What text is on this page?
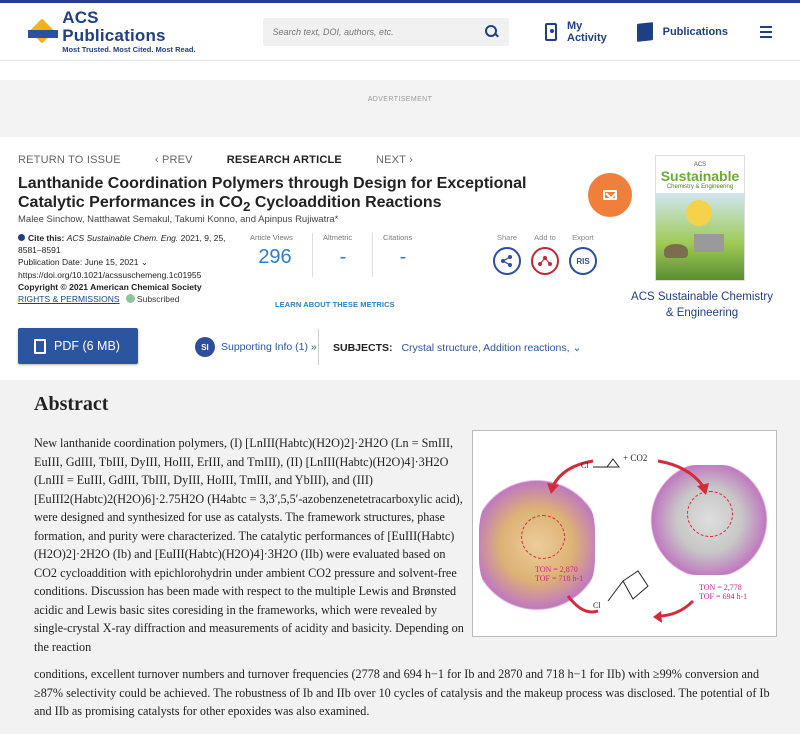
ACS Publications
Most Trusted. Most Cited. Most Read.
Search text, DOI, authors, etc.
My Activity	Publications
ADVERTISEMENT
RETURN TO ISSUE	‹ PREV	RESEARCH ARTICLE	NEXT ›
Lanthanide Coordination Polymers through Design for Exceptional
Catalytic Performances in $CO_2$ Cycloaddition Reactions
Malee Sinchow, Natthawat Semakul, Takumi Konno, and Apinpus Rujiwatra*
Cite this: ACS Sustainable Chem. Eng. 2021, 9, 25, 8581–8591
Publication Date: June 15, 2021 ⌄
https://doi.org/10.1021/acssuschemeng.1c01955
Copyright © 2021 American Chemical Society
RIGHTS & PERMISSIONS Subscribed
Article Views
296
Altmetric
-
Citations
-
LEARN ABOUT THESE METRICS
Share	Add to	Export
RIS
ACS
Sustainable
Chemistry & Engineering
ACS Sustainable Chemistry
& Engineering
PDF (6 MB)	SI	Supporting Info (1) » SUBJECTS: Crystal structure, Addition reactions, ⌄
Abstract
New lanthanide coordination polymers, (I) [LnIII(Habtc)(H2O)2]·2H2O (Ln = SmIII, EuIII, GdIII, TbIII, DyIII, HoIII, ErIII, and TmIII), (II) [LnIII(Habtc)(H2O)4]·3H2O (LnIII = EuIII, GdIII, TbIII, DyIII, HoIII, TmIII, and YbIII), and (III) [EuIII2(Habtc)2(H2O)6]·2.75H2O (H4abtc = 3,3′,5,5′-azobenzenetetracarboxylic acid), were designed and synthesized for use as catalysts. The framework structures, phase formation, and purity were characterized. The catalytic performances of [EuIII(Habtc)(H2O)2]·2H2O (Ib) and [EuIII(Habtc)(H2O)4]·3H2O (IIb) were evaluated based on CO2 cycloaddition with epichlorohydrin under ambient CO2 pressure and solvent-free conditions. Discussion has been made with respect to the multiple Lewis and Brønsted acidic and Lewis basic sites coresiding in the frameworks, which were revealed by single-crystal X-ray diffraction and measurements of acidity and basicity. Depending on the reaction
conditions, excellent turnover numbers and turnover frequencies (2778 and 694 h−1 for Ib and 2870 and 718 h−1 for IIb) with ≥99% conversion and ≥87% selectivity could be achieved. The robustness of Ib and IIb over 10 cycles of catalysis and the makeup process was disclosed. The potential of Ib and IIb as promising catalysts for other epoxides was also examined.
+ CO2
Cl
Cl
TON = 2,870
TOF = 718 h-1
TON = 2,778
TOF = 694 h-1
